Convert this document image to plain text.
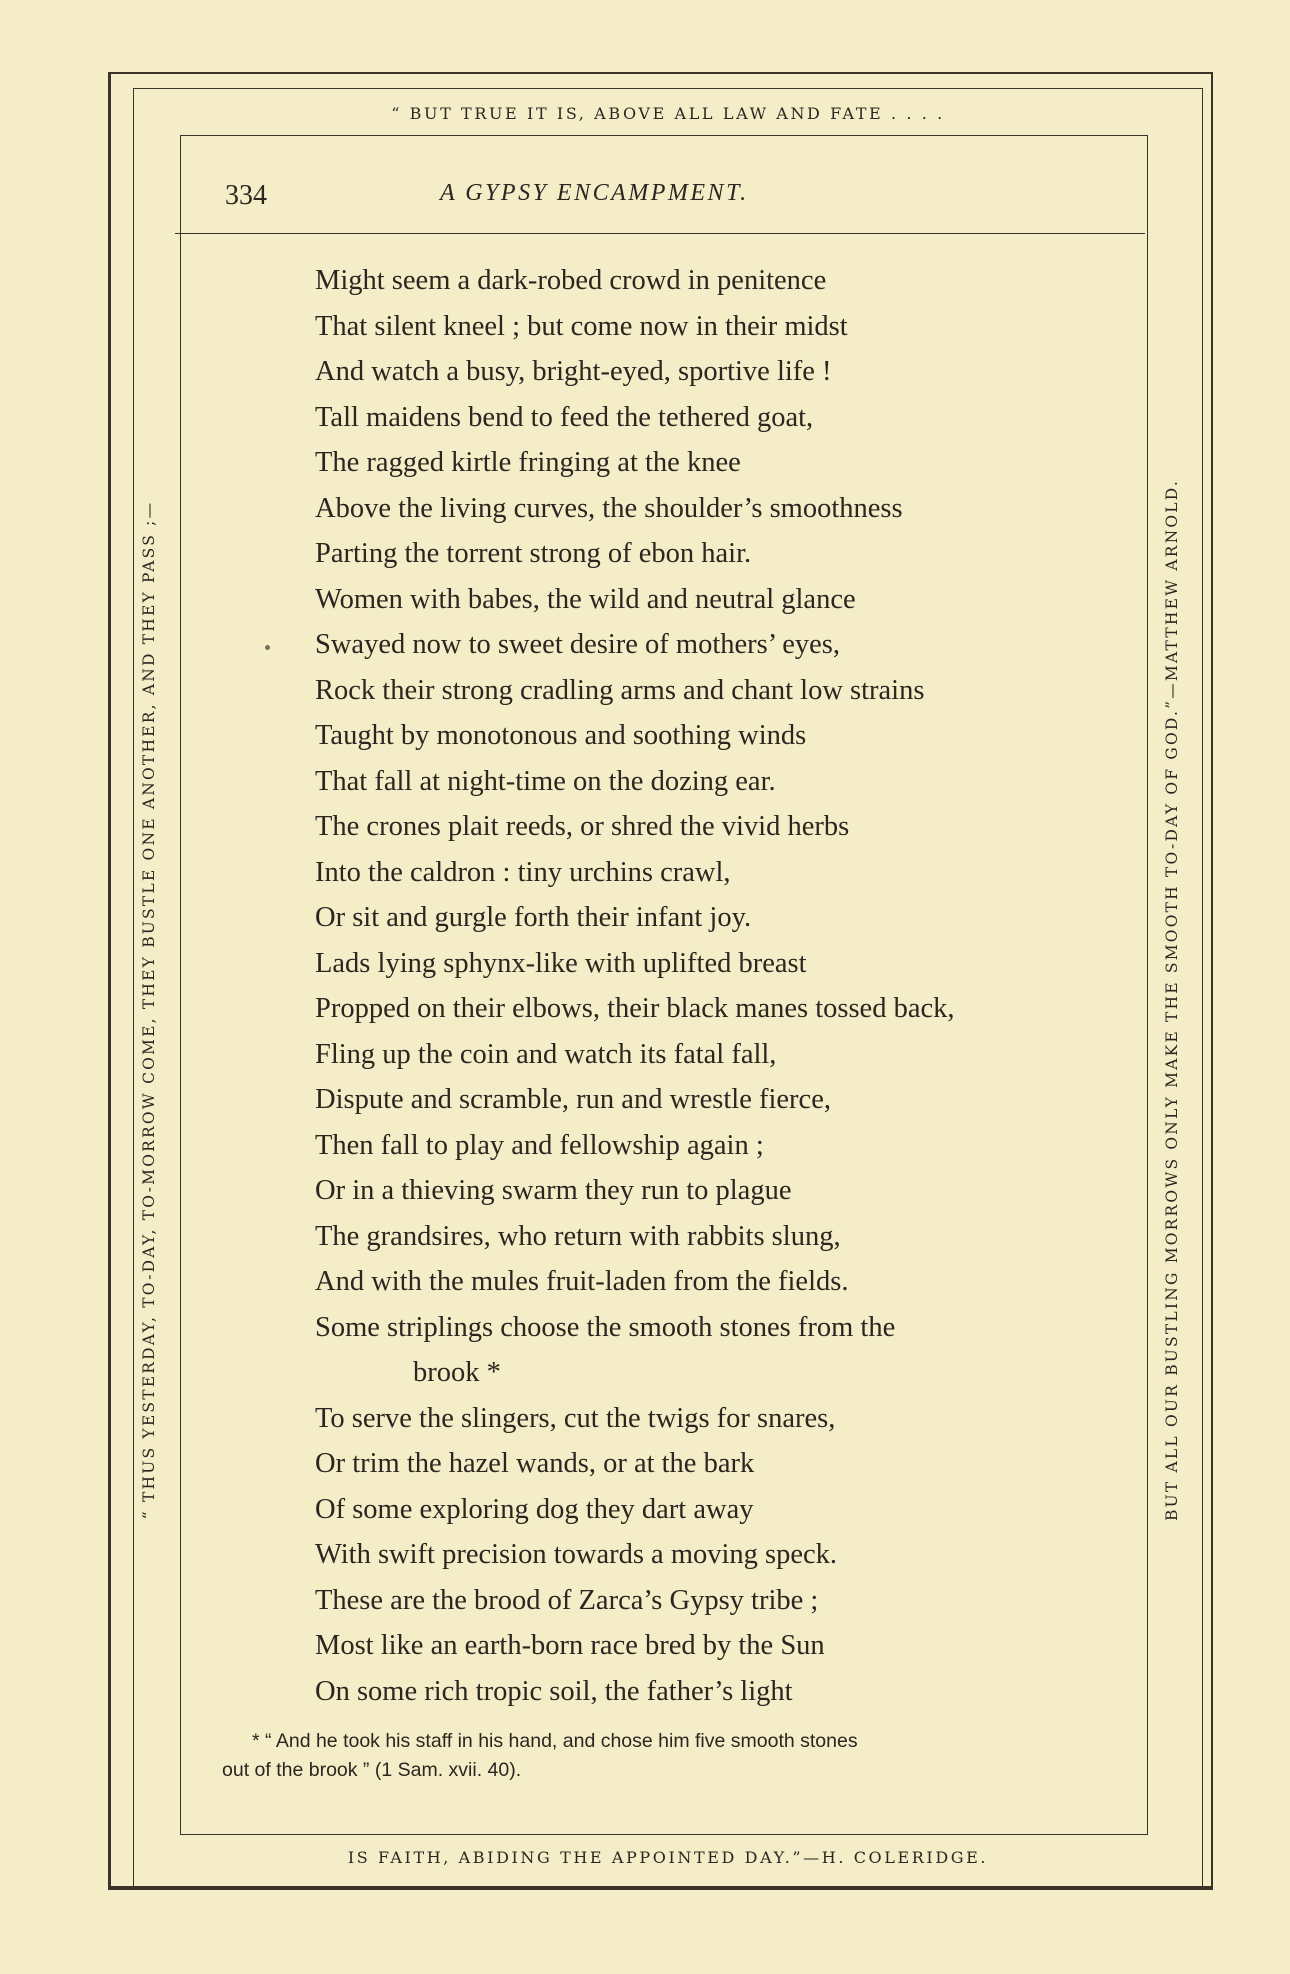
“ BUT TRUE IT IS, ABOVE ALL LAW AND FATE . . . .
“ THUS YESTERDAY, TO-DAY, TO-MORROW COME, THEY BUSTLE ONE ANOTHER, AND THEY PASS ;—	BUT ALL OUR BUSTLING MORROWS ONLY MAKE THE SMOOTH TO-DAY OF GOD.”—MATTHEW ARNOLD.
IS FAITH, ABIDING THE APPOINTED DAY.”—H. COLERIDGE.
334	A GYPSY ENCAMPMENT.
Might seem a dark-robed crowd in penitence
That silent kneel ; but come now in their midst
And watch a busy, bright-eyed, sportive life !
Tall maidens bend to feed the tethered goat,
The ragged kirtle fringing at the knee
Above the living curves, the shoulder’s smoothness
Parting the torrent strong of ebon hair.
Women with babes, the wild and neutral glance
Swayed now to sweet desire of mothers’ eyes,
Rock their strong cradling arms and chant low strains
Taught by monotonous and soothing winds
That fall at night-time on the dozing ear.
The crones plait reeds, or shred the vivid herbs
Into the caldron : tiny urchins crawl,
Or sit and gurgle forth their infant joy.
Lads lying sphynx-like with uplifted breast
Propped on their elbows, their black manes tossed back,
Fling up the coin and watch its fatal fall,
Dispute and scramble, run and wrestle fierce,
Then fall to play and fellowship again ;
Or in a thieving swarm they run to plague
The grandsires, who return with rabbits slung,
And with the mules fruit-laden from the fields.
Some striplings choose the smooth stones from the
brook *
To serve the slingers, cut the twigs for snares,
Or trim the hazel wands, or at the bark
Of some exploring dog they dart away
With swift precision towards a moving speck.
These are the brood of Zarca’s Gypsy tribe ;
Most like an earth-born race bred by the Sun
On some rich tropic soil, the father’s light
* “ And he took his staff in his hand, and chose him five smooth stones
out of the brook ” (1 Sam. xvii. 40).
